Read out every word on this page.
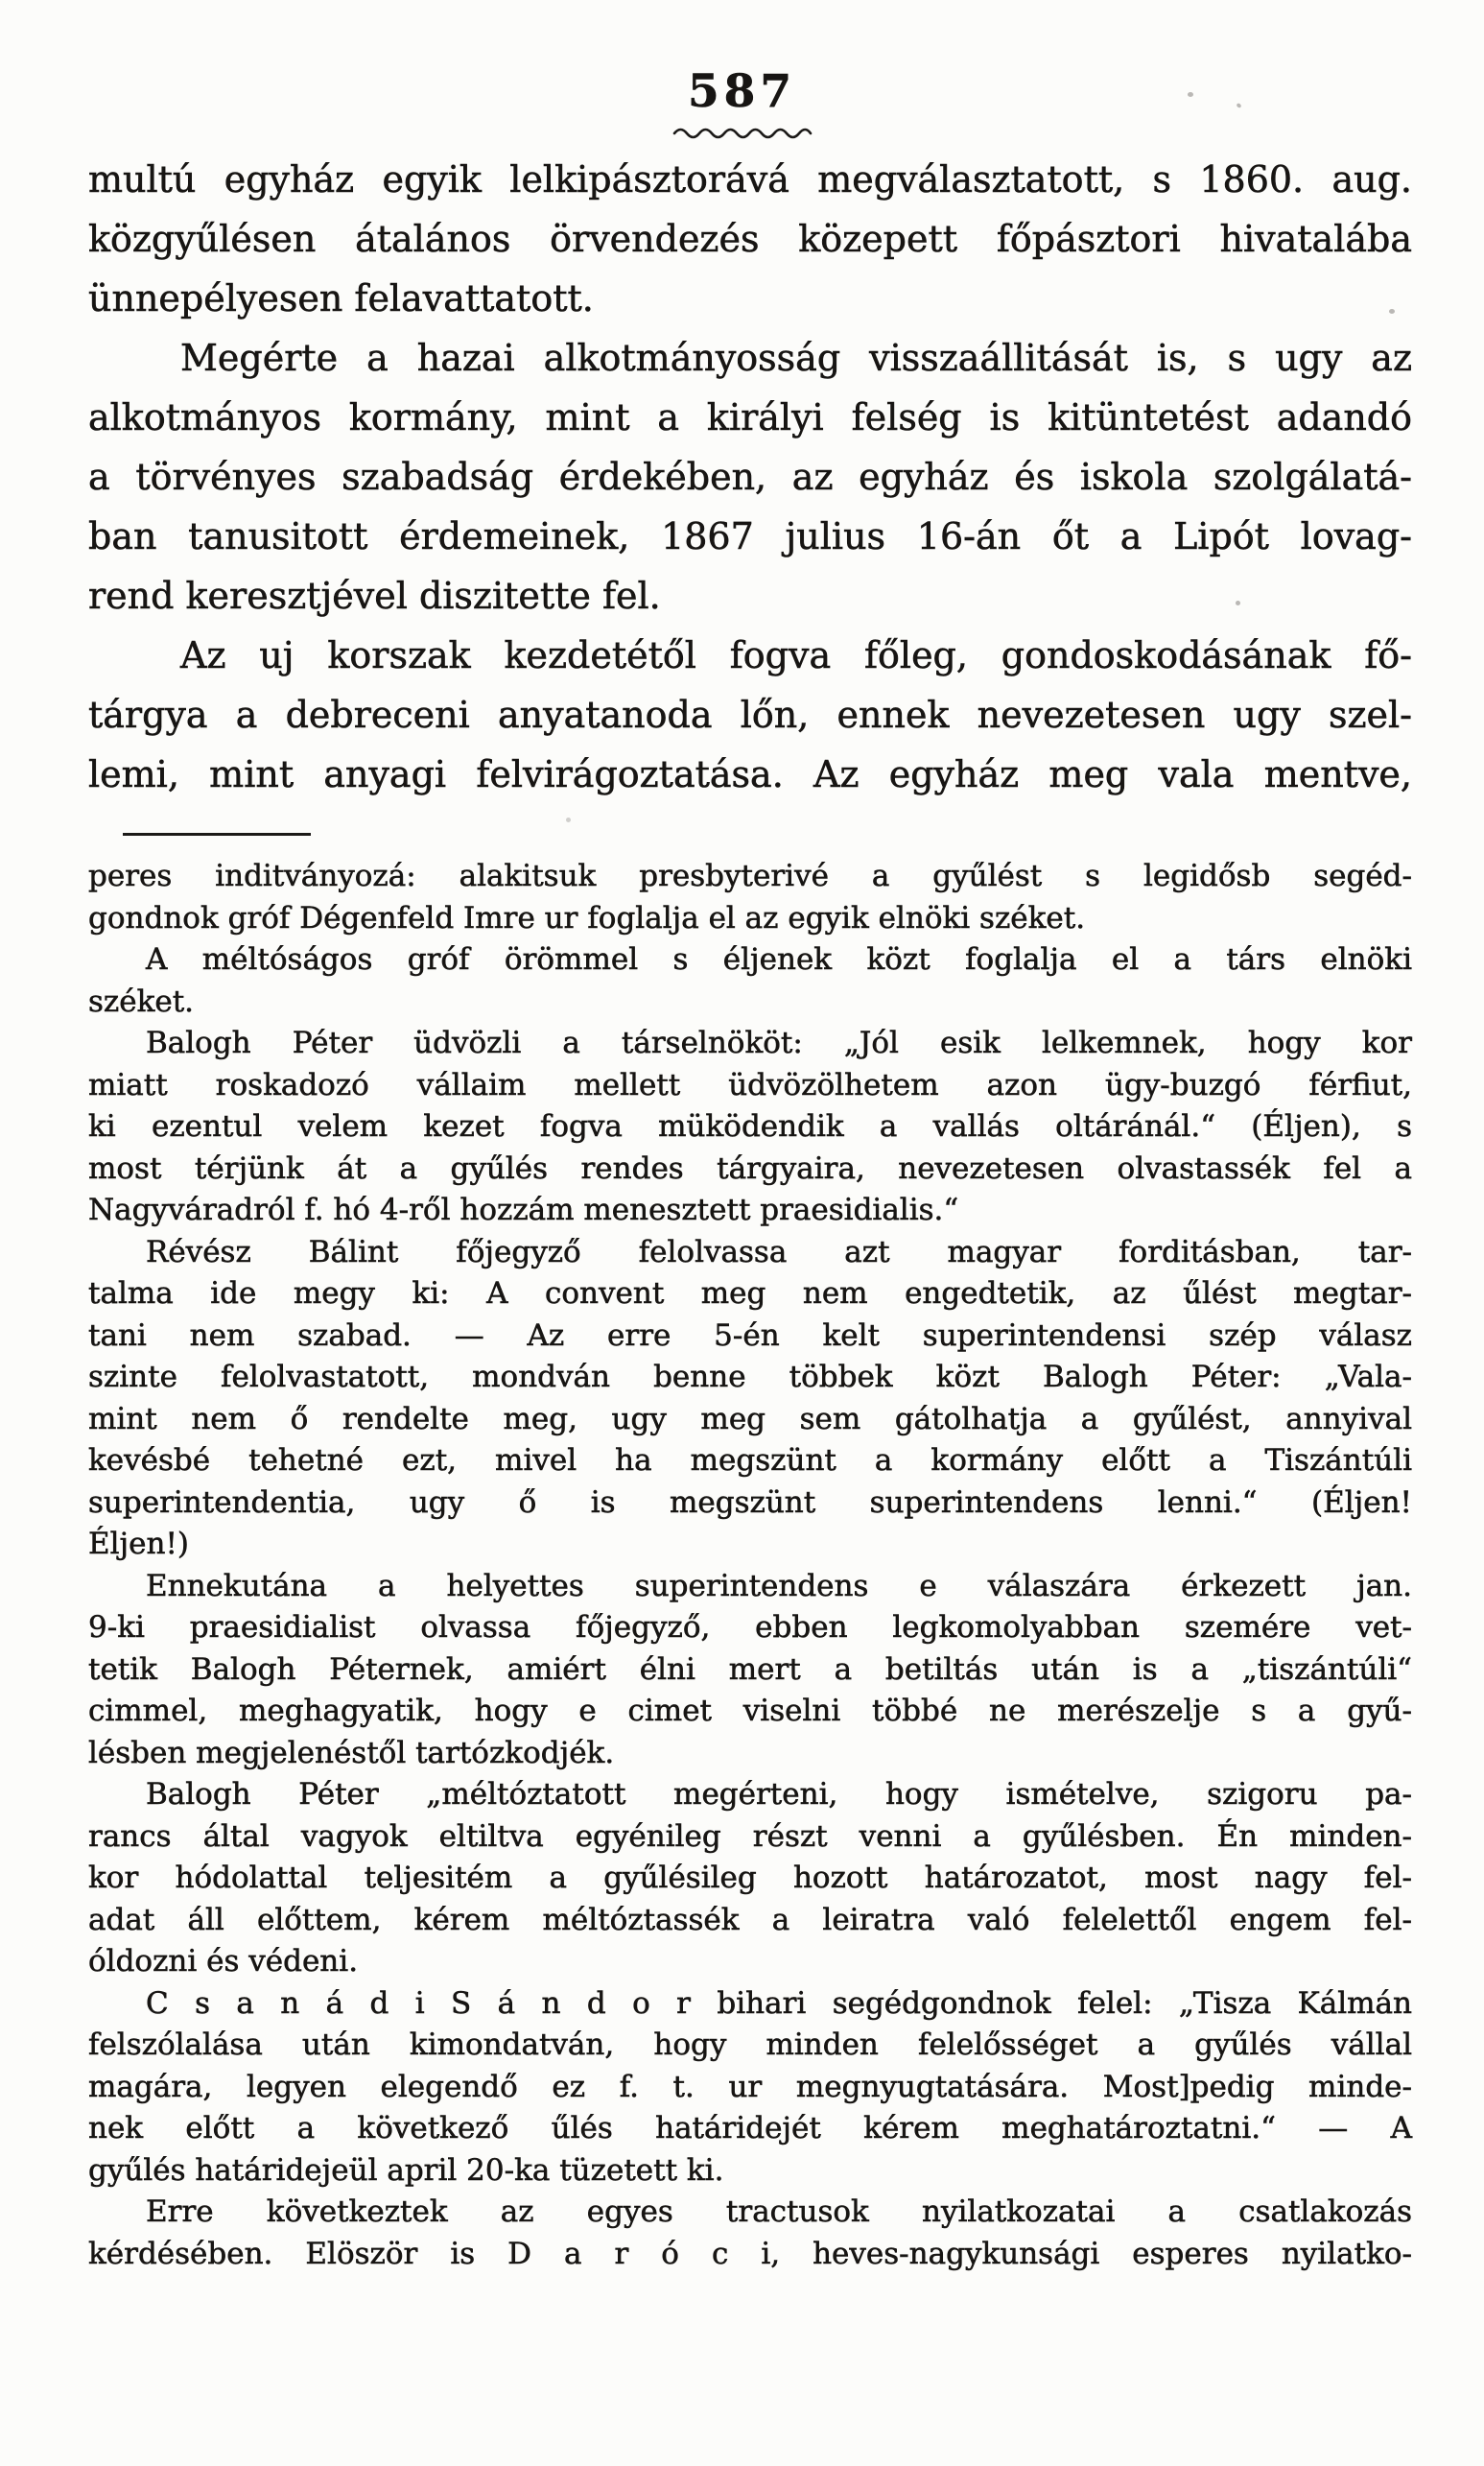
587
multú egyház egyik lelkipásztorává megválasztatott, s 1860. aug.
közgyűlésen átalános örvendezés közepett főpásztori hivatalába
ünnepélyesen felavattatott.
Megérte a hazai alkotmányosság visszaállitását is, s ugy az
alkotmányos kormány, mint a királyi felség is kitüntetést adandó
a törvényes szabadság érdekében, az egyház és iskola szolgálatá-
ban tanusitott érdemeinek, 1867 julius 16-án őt a Lipót lovag-
rend keresztjével diszitette fel.
Az uj korszak kezdetétől fogva főleg, gondoskodásának fő-
tárgya a debreceni anyatanoda lőn, ennek nevezetesen ugy szel-
lemi, mint anyagi felvirágoztatása. Az egyház meg vala mentve,
peres inditványozá: alakitsuk presbyterivé a gyűlést s legidősb segéd-
gondnok gróf Dégenfeld Imre ur foglalja el az egyik elnöki széket.
A méltóságos gróf örömmel s éljenek közt foglalja el a társ elnöki
széket.
Balogh Péter üdvözli a társelnököt: „Jól esik lelkemnek, hogy kor
miatt roskadozó vállaim mellett üdvözölhetem azon ügy-buzgó férfiut,
ki ezentul velem kezet fogva müködendik a vallás oltáránál.“ (Éljen), s
most térjünk át a gyűlés rendes tárgyaira, nevezetesen olvastassék fel a
Nagyváradról f. hó 4-ről hozzám menesztett praesidialis.“
Révész Bálint főjegyző felolvassa azt magyar forditásban, tar-
talma ide megy ki: A convent meg nem engedtetik, az űlést megtar-
tani nem szabad. — Az erre 5-én kelt superintendensi szép válasz
szinte felolvastatott, mondván benne többek közt Balogh Péter: „Vala-
mint nem ő rendelte meg, ugy meg sem gátolhatja a gyűlést, annyival
kevésbé tehetné ezt, mivel ha megszünt a kormány előtt a Tiszántúli
superintendentia, ugy ő is megszünt superintendens lenni.“ (Éljen!
Éljen!)
Ennekutána a helyettes superintendens e válaszára érkezett jan.
9-ki praesidialist olvassa főjegyző, ebben legkomolyabban szemére vet-
tetik Balogh Péternek, amiért élni mert a betiltás után is a „tiszántúli“
cimmel, meghagyatik, hogy e cimet viselni többé ne merészelje s a gyű-
lésben megjelenéstől tartózkodjék.
Balogh Péter „méltóztatott megérteni, hogy ismételve, szigoru pa-
rancs által vagyok eltiltva egyénileg részt venni a gyűlésben. Én minden-
kor hódolattal teljesitém a gyűlésileg hozott határozatot, most nagy fel-
adat áll előttem, kérem méltóztassék a leiratra való felelettől engem fel-
óldozni és védeni.
C s a n á d i S á n d o r bihari segédgondnok felel: „Tisza Kálmán
felszólalása után kimondatván, hogy minden felelősséget a gyűlés vállal
magára, legyen elegendő ez f. t. ur megnyugtatására. Most]pedig minde-
nek előtt a következő űlés határidejét kérem meghatároztatni.“ — A
gyűlés határidejeül april 20-ka tüzetett ki.
Erre következtek az egyes tractusok nyilatkozatai a csatlakozás
kérdésében. Elöször is D a r ó c i, heves-nagykunsági esperes nyilatko-
